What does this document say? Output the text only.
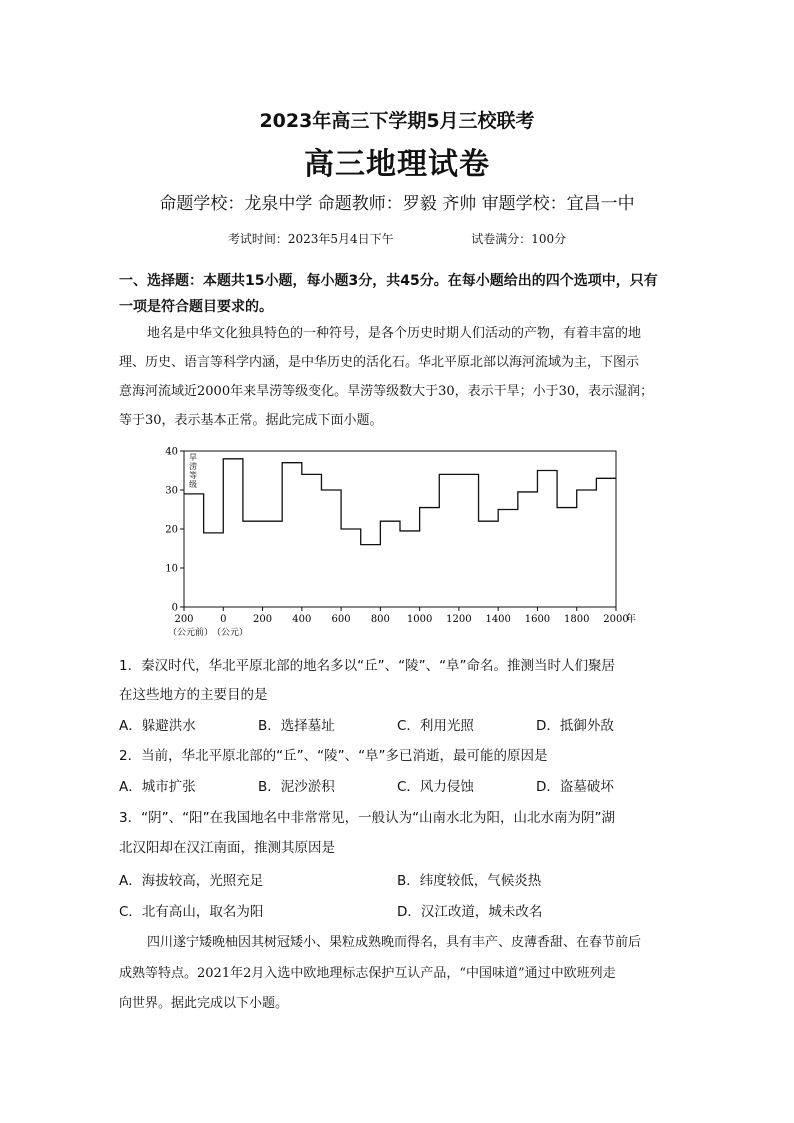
2023年高三下学期5月三校联考
高三地理试卷
命题学校：龙泉中学 命题教师：罗毅 齐帅 审题学校：宜昌一中
考试时间：2023年5月4日下午	试卷满分：100分
一、选择题：本题共15小题，每小题3分，共45分。在每小题给出的四个选项中，只有
一项是符合题目要求的。
地名是中华文化独具特色的一种符号，是各个历史时期人们活动的产物，有着丰富的地
理、历史、语言等科学内涵，是中华历史的活化石。华北平原北部以海河流域为主，下图示
意海河流域近2000年来旱涝等级变化。旱涝等级数大于30，表示干旱；小于30，表示湿润；
等于30，表示基本正常。据此完成下面小题。
0
10
20
30
40
200	0	200 400 600 800 1000 1200 1400 1600 1800 2000
年
（公元前）
（公元）
旱涝等级
1．秦汉时代，华北平原北部的地名多以“丘”、“陵”、“阜”命名。推测当时人们聚居
在这些地方的主要目的是
A．躲避洪水	B．选择墓址	C．利用光照	D．抵御外敌
2．当前，华北平原北部的“丘”、“陵”、“阜”多已消逝，最可能的原因是
A．城市扩张	B．泥沙淤积	C．风力侵蚀	D．盗墓破坏
3．“阴”、“阳”在我国地名中非常常见，一般认为“山南水北为阳，山北水南为阴”湖
北汉阳却在汉江南面，推测其原因是
A．海拔较高，光照充足	B．纬度较低，气候炎热
C．北有高山，取名为阳	D．汉江改道，城未改名
四川遂宁矮晚柚因其树冠矮小、果粒成熟晚而得名，具有丰产、皮薄香甜、在春节前后
成熟等特点。2021年2月入选中欧地理标志保护互认产品，“中国味道”通过中欧班列走
向世界。据此完成以下小题。
